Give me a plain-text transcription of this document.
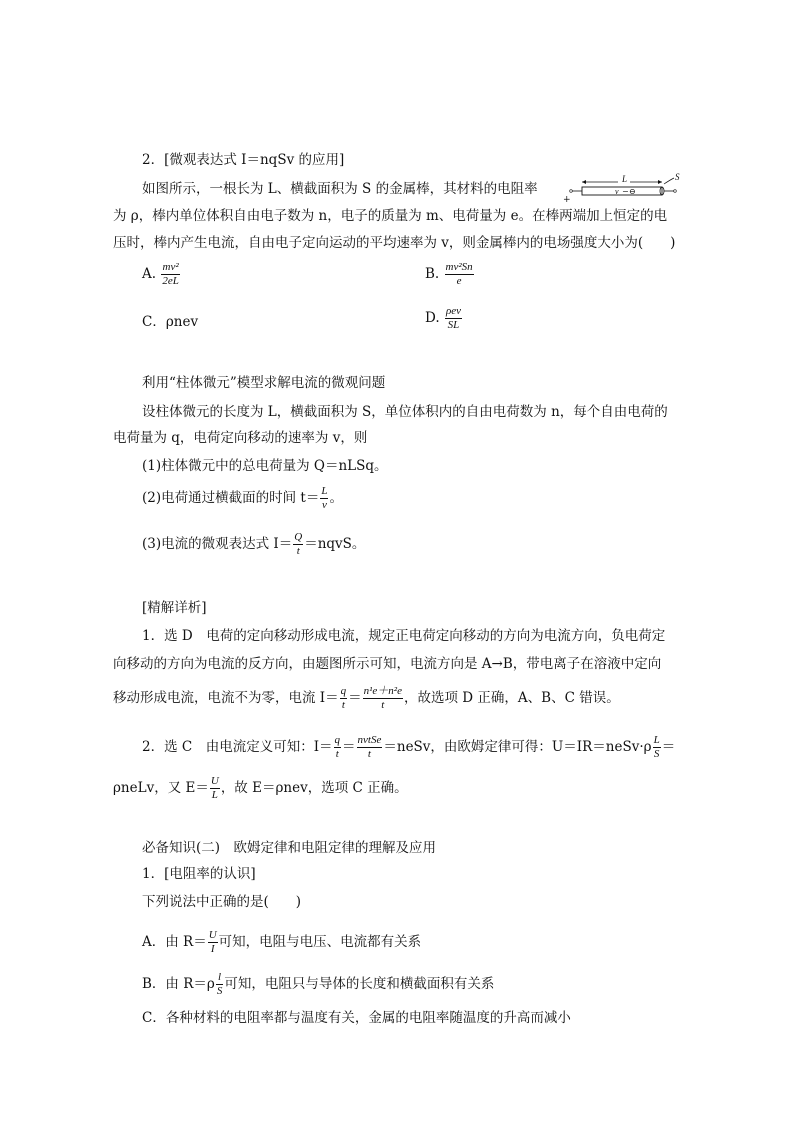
2．[微观表达式 I＝nqSv 的应用]
如图所示，一根长为 L、横截面积为 S 的金属棒，其材料的电阻率
L
+
v − ⊖
S
为 ρ，棒内单位体积自由电子数为 n，电子的质量为 m、电荷量为 e。在棒两端加上恒定的电
压时，棒内产生电流，自由电子定向运动的平均速率为 v，则金属棒内的电场强度大小为(　　)
A. $\frac{\text{mv²}}{2eL}$	B. $\frac{\text{mv²Sn}}{e}$
C．ρnev	D. $\frac{\text{ρev}}{SL}$
利用“柱体微元”模型求解电流的微观问题
设柱体微元的长度为 L，横截面积为 S，单位体积内的自由电荷数为 n，每个自由电荷的
电荷量为 q，电荷定向移动的速率为 v，则
(1)柱体微元中的总电荷量为 Q＝nLSq。
(2)电荷通过横截面的时间 $t= \frac{L}{v}$ 。
(3)电流的微观表达式 $I= \frac{Q}{t}$ ＝nqvS。
[精解详析]
1．选 D　电荷的定向移动形成电流，规定正电荷定向移动的方向为电流方向，负电荷定
向移动的方向为电流的反方向，由题图所示可知，电流方向是 A→B，带电离子在溶液中定向
移动形成电流，电流不为零，电流 $I= \frac{q}{t} = \frac{\text{n¹e＋n²e}}{t}$ ，故选项 D 正确，A、B、C 错误。
2．选 C　由电流定义可知：$I= \frac{q}{t} = \frac{\text{nvtSe}}{t}$ ＝neSv，由欧姆定律可得：U＝IR＝neSv·ρ $\frac{L}{S}$ ＝
ρneLv，又 $E= \frac{U}{L}$ ，故 E＝ρnev，选项 C 正确。
必备知识(二)　欧姆定律和电阻定律的理解及应用
1．[电阻率的认识]
下列说法中正确的是(　　)
A．由 $R= \frac{U}{I}$ 可知，电阻与电压、电流都有关系
B．由 $R=\rho \frac{l}{S}$ 可知，电阻只与导体的长度和横截面积有关系
C．各种材料的电阻率都与温度有关，金属的电阻率随温度的升高而减小
